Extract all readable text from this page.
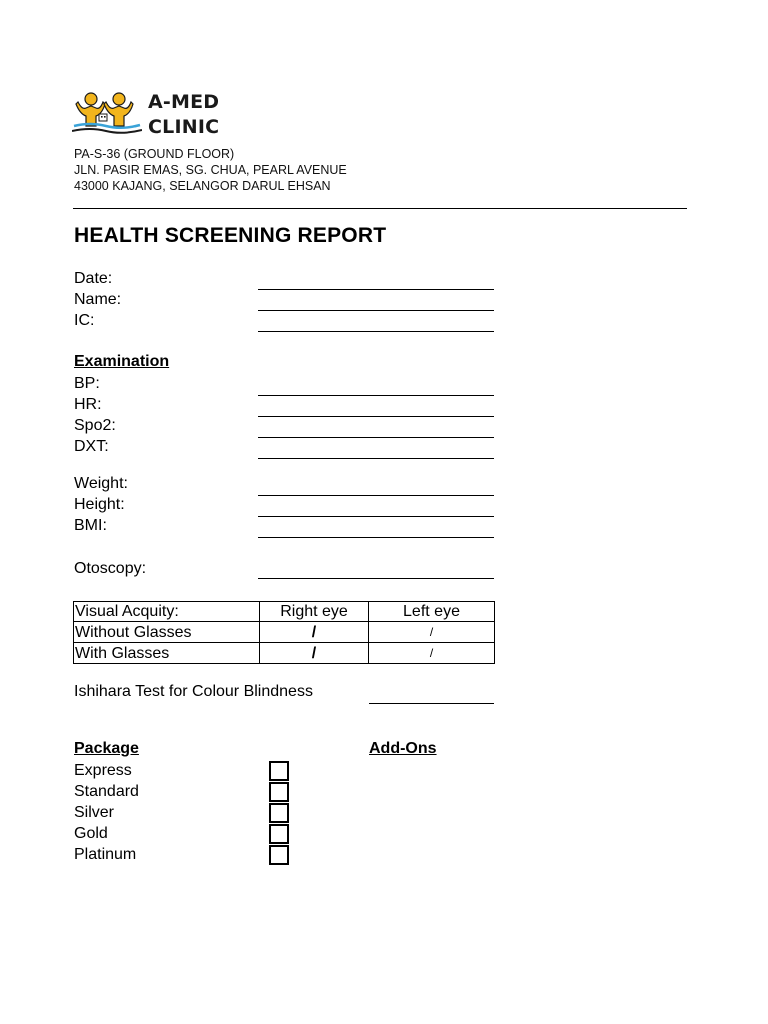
A-MED
CLINIC
PA-S-36 (GROUND FLOOR)
JLN. PASIR EMAS, SG. CHUA, PEARL AVENUE
43000 KAJANG, SELANGOR DARUL EHSAN
HEALTH SCREENING REPORT
Date:
Name:
IC:
Examination
BP:
HR:
Spo2:
DXT:
Weight:
Height:
BMI:
Otoscopy:
Visual Acquity:	Right eye	Left eye
Without Glasses	/	/
With Glasses	/	/
Ishihara Test for Colour Blindness
Package	Add-Ons
Express
Standard
Silver
Gold
Platinum
